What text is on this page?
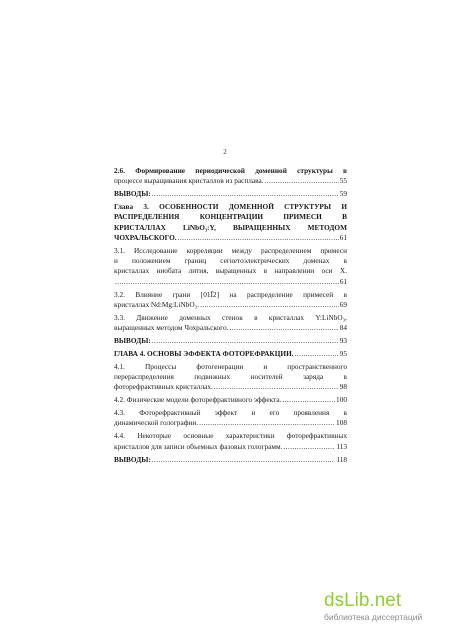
2
2.6. Формирование периодической доменной структуры в
процессе выращивания кристаллов из расплава. .....	55
ВЫВОДЫ: .....	59
Глава 3. ОСОБЕННОСТИ ДОМЕННОЙ СТРУКТУРЫ И
РАСПРЕДЕЛЕНИЯ КОНЦЕНТРАЦИИ ПРИМЕСИ В
КРИСТАЛЛАХ LiNbO₃:Y, ВЫРАЩЕННЫХ МЕТОДОМ
ЧОХРАЛЬСКОГО. .....	61
3.1. Исследование корреляции между распределением примеси
и положением границ сегнетоэлектрических доменах в
кристаллах ниобата лития, выращенных в направлении оси X.
.....
61
3.2. Влияние грани [01Ī2] на распределение примесей в
кристаллах Nd:Mg:LiNbO₃. .....	69
3.3. Движение доменных стенок в кристаллах Y:LiNbO₃,
выращенных методом Чохральского. .....	84
ВЫВОДЫ: .....	93
ГЛАВА 4. ОСНОВЫ ЭФФЕКТА ФОТОРЕФРАКЦИИ. .....	95
4.1. Процессы фотогенерации и пространственного
перераспределения подвижных носителей заряда в
фоторефрактивных кристаллах. .....	98
4.2. Физические модели фоторефрактивного эффекта. .....	100
4.3. Фоторефрактивный эффект и его проявления в
динамической голографии. .....	108
4.4. Некоторые основные характеристики фоторефрактивных
кристаллов для записи объемных фазовых голограмм. .....	113
ВЫВОДЫ: .....	118
dsLib.net
библиотека диссертаций
